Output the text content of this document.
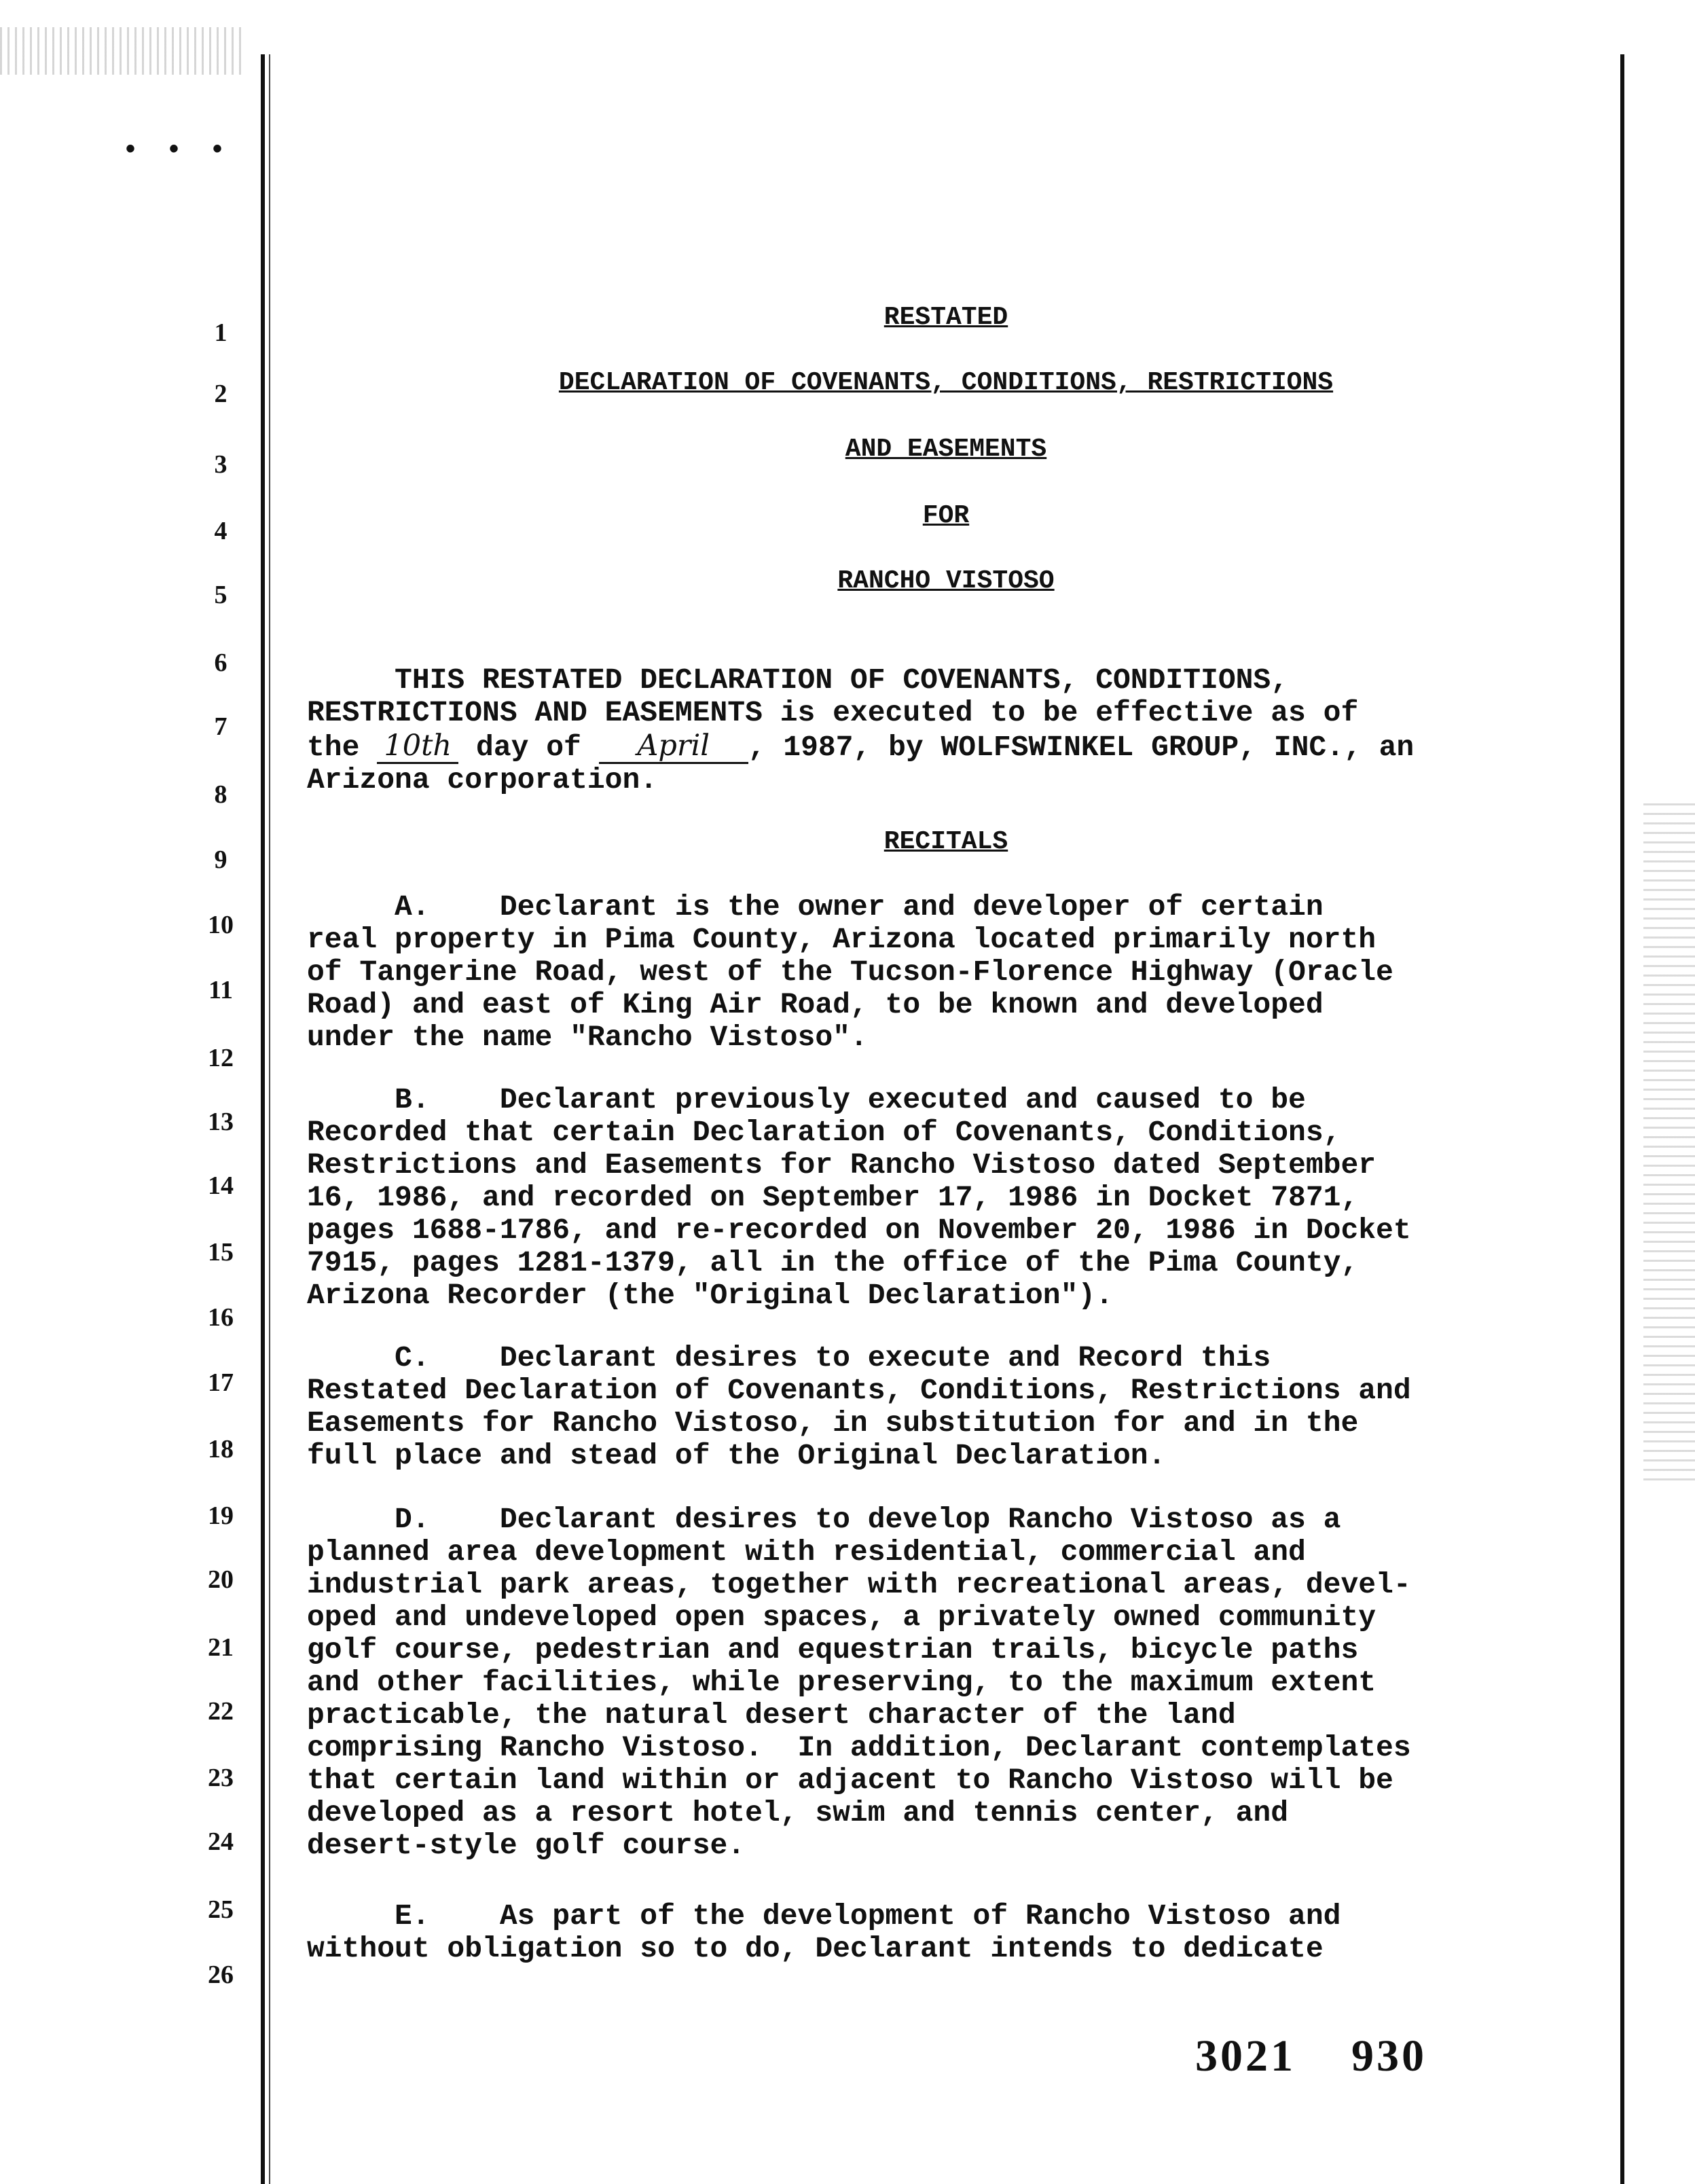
• • •
1
2
3
4
5
6
7
8
9
10
11
12
13
14
15
16
17
18
19
20
21
22
23
24
25
26
RESTATED
DECLARATION OF COVENANTS, CONDITIONS, RESTRICTIONS
AND EASEMENTS
FOR
RANCHO VISTOSO
THIS RESTATED DECLARATION OF COVENANTS, CONDITIONS,
RESTRICTIONS AND EASEMENTS is executed to be effective as of
the 10th day of April , 1987, by WOLFSWINKEL GROUP, INC., an
Arizona corporation.
RECITALS
A.    Declarant is the owner and developer of certain
real property in Pima County, Arizona located primarily north
of Tangerine Road, west of the Tucson-Florence Highway (Oracle
Road) and east of King Air Road, to be known and developed
under the name "Rancho Vistoso".
B.    Declarant previously executed and caused to be
Recorded that certain Declaration of Covenants, Conditions,
Restrictions and Easements for Rancho Vistoso dated September
16, 1986, and recorded on September 17, 1986 in Docket 7871,
pages 1688-1786, and re-recorded on November 20, 1986 in Docket
7915, pages 1281-1379, all in the office of the Pima County,
Arizona Recorder (the "Original Declaration").
C.    Declarant desires to execute and Record this
Restated Declaration of Covenants, Conditions, Restrictions and
Easements for Rancho Vistoso, in substitution for and in the
full place and stead of the Original Declaration.
D.    Declarant desires to develop Rancho Vistoso as a
planned area development with residential, commercial and
industrial park areas, together with recreational areas, devel-
oped and undeveloped open spaces, a privately owned community
golf course, pedestrian and equestrian trails, bicycle paths
and other facilities, while preserving, to the maximum extent
practicable, the natural desert character of the land
comprising Rancho Vistoso.  In addition, Declarant contemplates
that certain land within or adjacent to Rancho Vistoso will be
developed as a resort hotel, swim and tennis center, and
desert-style golf course.
E.    As part of the development of Rancho Vistoso and
without obligation so to do, Declarant intends to dedicate
3021 930
